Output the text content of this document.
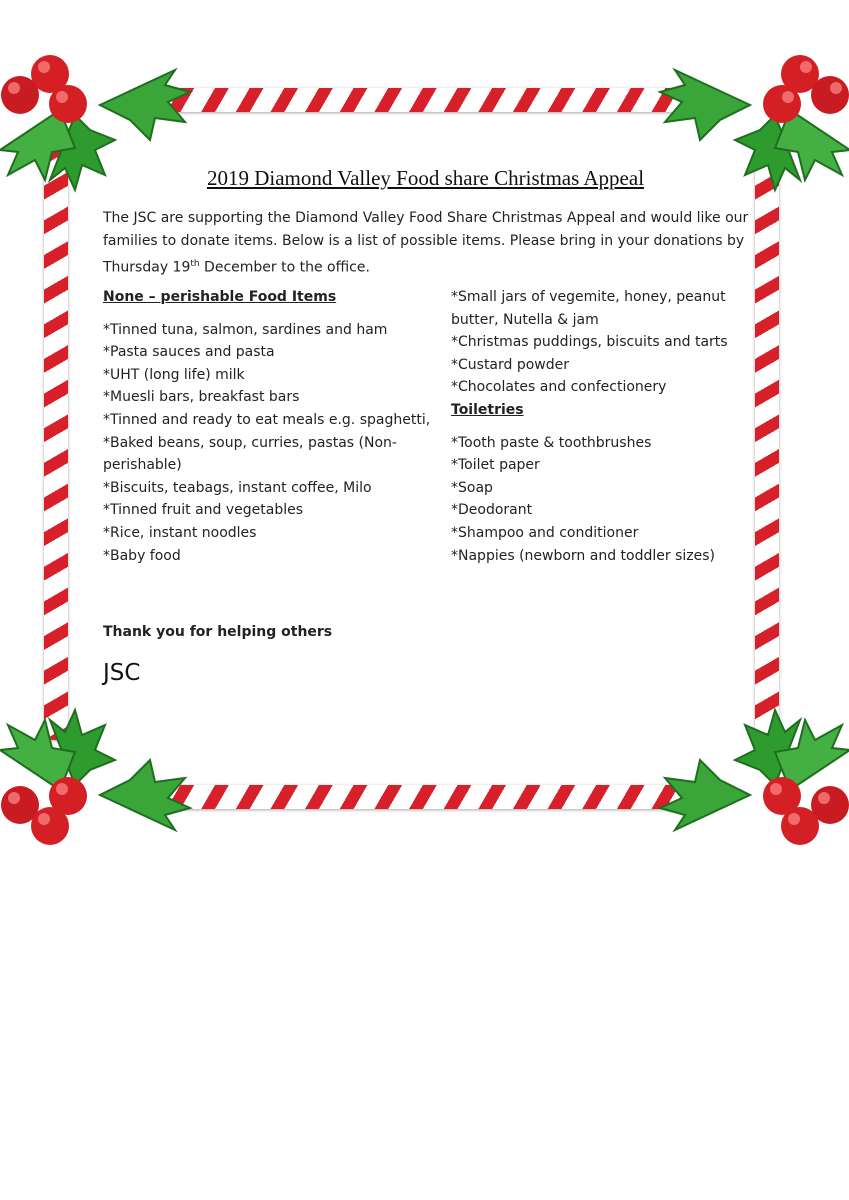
2019 Diamond Valley Food share Christmas Appeal
The JSC are supporting the Diamond Valley Food Share Christmas Appeal and would like our families to donate items. Below is a list of possible items. Please bring in your donations by Thursday 19th December to the office.
None – perishable Food Items
*Tinned tuna, salmon, sardines and ham
*Pasta sauces and pasta
*UHT (long life) milk
*Muesli bars, breakfast bars
*Tinned and ready to eat meals e.g. spaghetti,
*Baked beans, soup, curries, pastas (Non-perishable)
*Biscuits, teabags, instant coffee, Milo
*Tinned fruit and vegetables
*Rice, instant noodles
*Baby food
*Small jars of vegemite, honey, peanut butter, Nutella & jam
*Christmas puddings, biscuits and tarts
*Custard powder
*Chocolates and confectionery
Toiletries
*Tooth paste & toothbrushes
*Toilet paper
*Soap
*Deodorant
*Shampoo and conditioner
*Nappies (newborn and toddler sizes)
Thank you for helping others
JSC
